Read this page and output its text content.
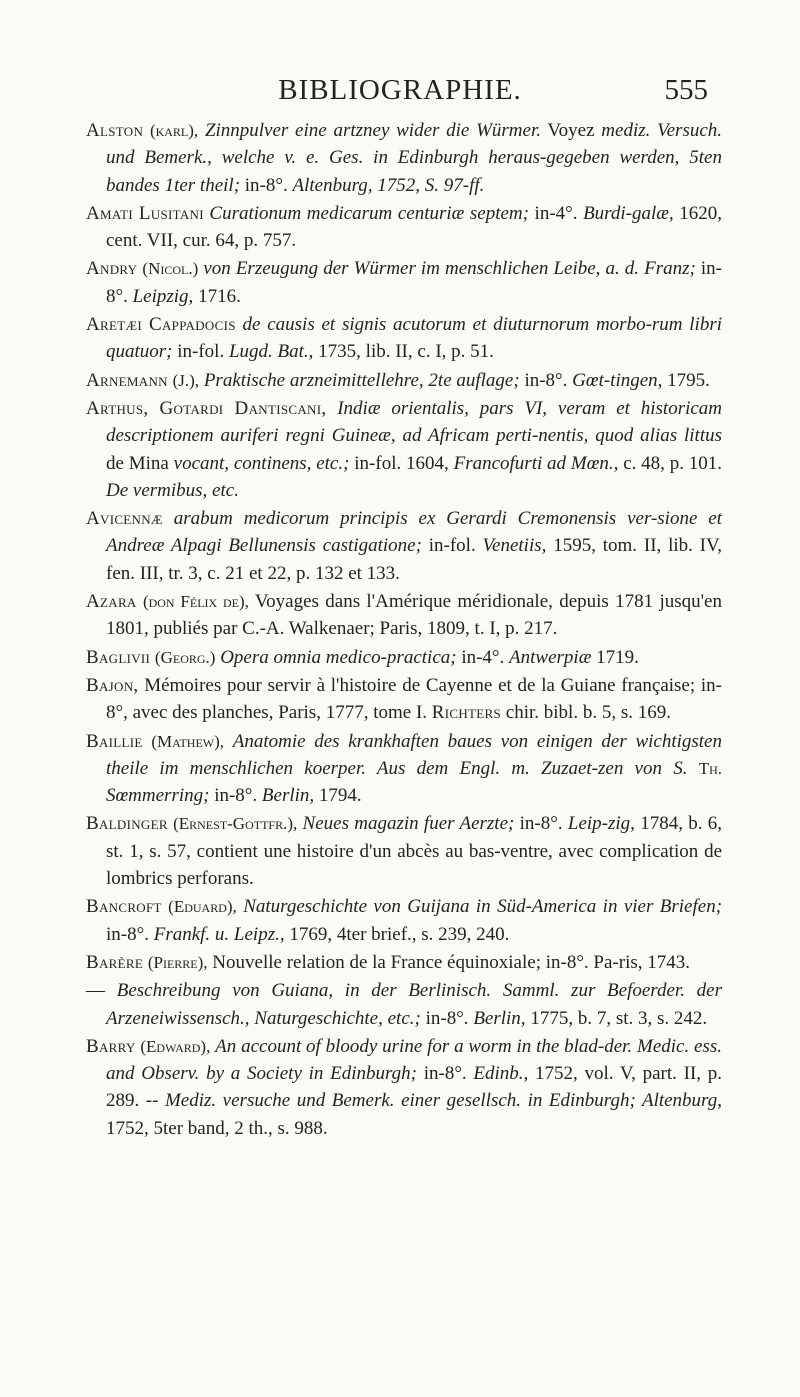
BIBLIOGRAPHIE.	555

Alston (karl), Zinnpulver eine artzney wider die Würmer. Voyez mediz. Versuch. und Bemerk., welche v. e. Ges. in Edinburgh heraus-gegeben werden, 5ten bandes 1ter theil; in-8°. Altenburg, 1752, S. 97-ff.

Amati Lusitani Curationum medicarum centuriæ septem; in-4°. Burdi-galæ, 1620, cent. VII, cur. 64, p. 757.

Andry (Nicol.) von Erzeugung der Würmer im menschlichen Leibe, a. d. Franz; in-8°. Leipzig, 1716.

Aretæi Cappadocis de causis et signis acutorum et diuturnorum morbo-rum libri quatuor; in-fol. Lugd. Bat., 1735, lib. II, c. I, p. 51.

Arnemann (J.), Praktische arzneimittellehre, 2te auflage; in-8°. Gœt-tingen, 1795.

Arthus, Gotardi Dantiscani, Indiæ orientalis, pars VI, veram et historicam descriptionem auriferi regni Guineæ, ad Africam perti-nentis, quod alias littus de Mina vocant, continens, etc.; in-fol. 1604, Francofurti ad Mœn., c. 48, p. 101. De vermibus, etc.

Avicennæ arabum medicorum principis ex Gerardi Cremonensis ver-sione et Andreæ Alpagi Bellunensis castigatione; in-fol. Venetiis, 1595, tom. II, lib. IV, fen. III, tr. 3, c. 21 et 22, p. 132 et 133.

Azara (don Félix de), Voyages dans l'Amérique méridionale, depuis 1781 jusqu'en 1801, publiés par C.-A. Walkenaer; Paris, 1809, t. I, p. 217.

Baglivii (Georg.) Opera omnia medico-practica; in-4°. Antwerpiæ 1719.

Bajon, Mémoires pour servir à l'histoire de Cayenne et de la Guiane française; in-8°, avec des planches, Paris, 1777, tome I. Richters chir. bibl. b. 5, s. 169.

Baillie (Mathew), Anatomie des krankhaften baues von einigen der wichtigsten theile im menschlichen koerper. Aus dem Engl. m. Zuzaet-zen von S. Th. Sœmmerring; in-8°. Berlin, 1794.

Baldinger (Ernest-Gottfr.), Neues magazin fuer Aerzte; in-8°. Leip-zig, 1784, b. 6, st. 1, s. 57, contient une histoire d'un abcès au bas-ventre, avec complication de lombrics perforans.

Bancroft (Eduard), Naturgeschichte von Guijana in Süd-America in vier Briefen; in-8°. Frankf. u. Leipz., 1769, 4ter brief., s. 239, 240.

Barère (Pierre), Nouvelle relation de la France équinoxiale; in-8°. Pa-ris, 1743.

— Beschreibung von Guiana, in der Berlinisch. Samml. zur Befoerder. der Arzeneiwissensch., Naturgeschichte, etc.; in-8°. Berlin, 1775, b. 7, st. 3, s. 242.

Barry (Edward), An account of bloody urine for a worm in the blad-der. Medic. ess. and Observ. by a Society in Edinburgh; in-8°. Edinb., 1752, vol. V, part. II, p. 289. -- Mediz. versuche und Bemerk. einer gesellsch. in Edinburgh; Altenburg, 1752, 5ter band, 2 th., s. 988.
